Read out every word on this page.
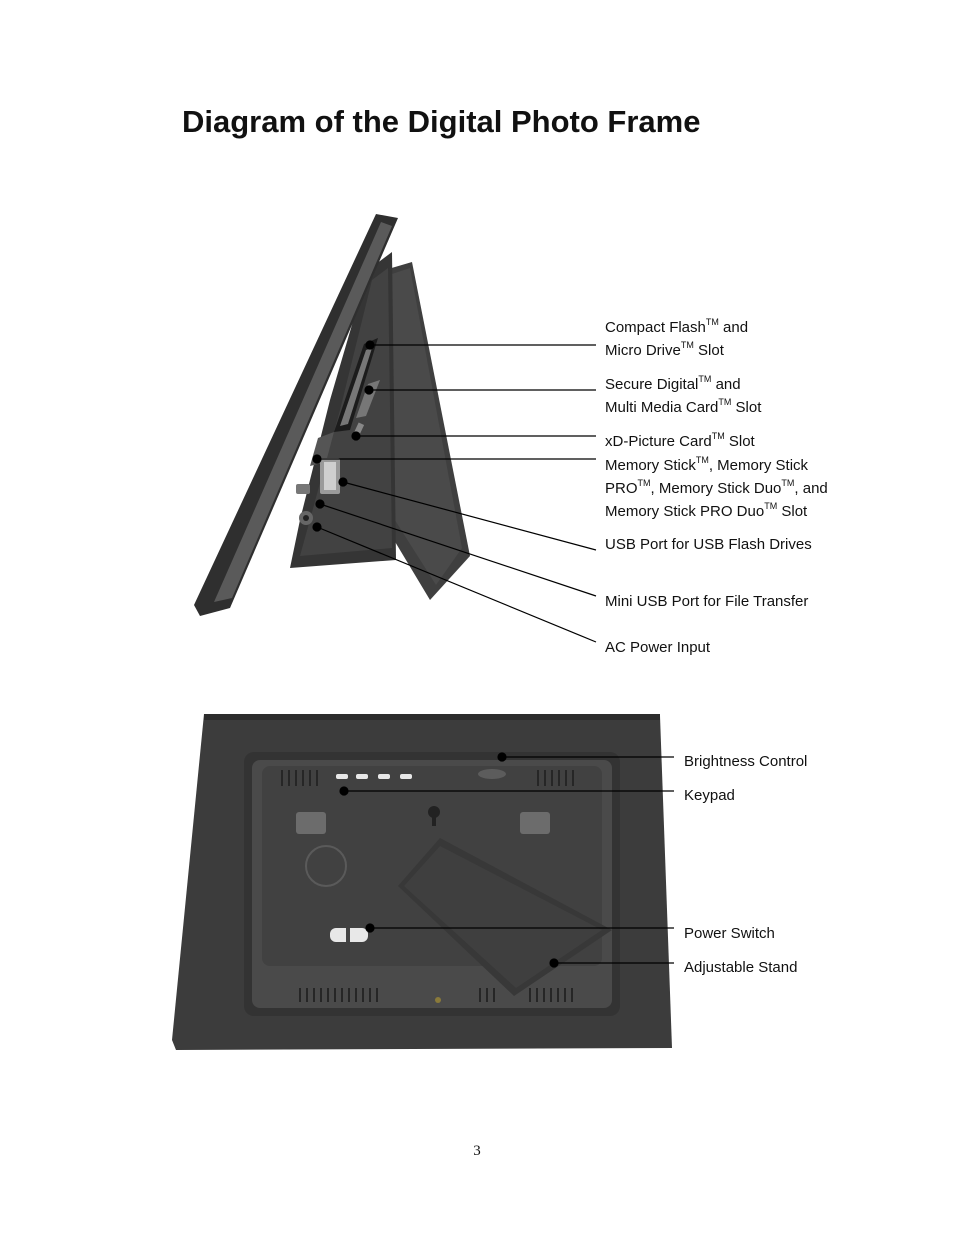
Diagram of the Digital Photo Frame
Compact Flash™ and
Micro Drive™ Slot
Secure Digital™ and
Multi Media Card™ Slot
xD-Picture Card™ Slot
Memory Stick™, Memory Stick
PRO™, Memory Stick Duo™, and
Memory Stick PRO Duo™ Slot
USB Port for USB Flash Drives
Mini USB Port for File Transfer
AC Power Input
Brightness Control
Keypad
Power Switch
Adjustable Stand
3
